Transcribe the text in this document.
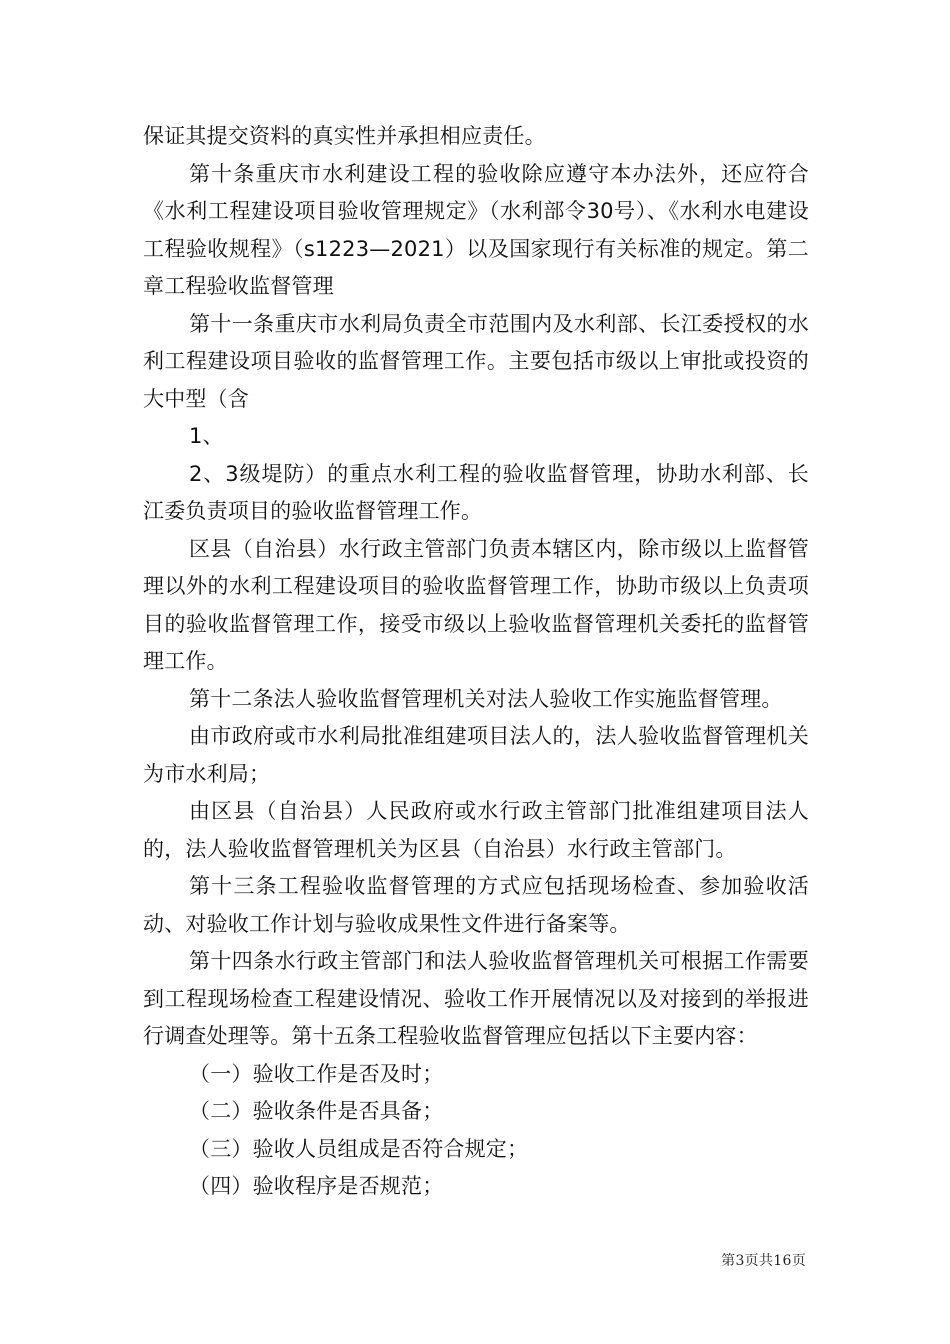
保证其提交资料的真实性并承担相应责任。

第十条重庆市水利建设工程的验收除应遵守本办法外，还应符合《水利工程建设项目验收管理规定》（水利部令30号）、《水利水电建设工程验收规程》（s1223—2021）以及国家现行有关标准的规定。第二章工程验收监督管理

第十一条重庆市水利局负责全市范围内及水利部、长江委授权的水利工程建设项目验收的监督管理工作。主要包括市级以上审批或投资的大中型（含

1、

2、3级堤防）的重点水利工程的验收监督管理，协助水利部、长江委负责项目的验收监督管理工作。

区县（自治县）水行政主管部门负责本辖区内，除市级以上监督管理以外的水利工程建设项目的验收监督管理工作，协助市级以上负责项目的验收监督管理工作，接受市级以上验收监督管理机关委托的监督管理工作。

第十二条法人验收监督管理机关对法人验收工作实施监督管理。

由市政府或市水利局批准组建项目法人的，法人验收监督管理机关为市水利局；

由区县（自治县）人民政府或水行政主管部门批准组建项目法人的，法人验收监督管理机关为区县（自治县）水行政主管部门。

第十三条工程验收监督管理的方式应包括现场检查、参加验收活动、对验收工作计划与验收成果性文件进行备案等。

第十四条水行政主管部门和法人验收监督管理机关可根据工作需要到工程现场检查工程建设情况、验收工作开展情况以及对接到的举报进行调查处理等。第十五条工程验收监督管理应包括以下主要内容：

（一）验收工作是否及时；

（二）验收条件是否具备；

（三）验收人员组成是否符合规定；

（四）验收程序是否规范；

第3页共16页
